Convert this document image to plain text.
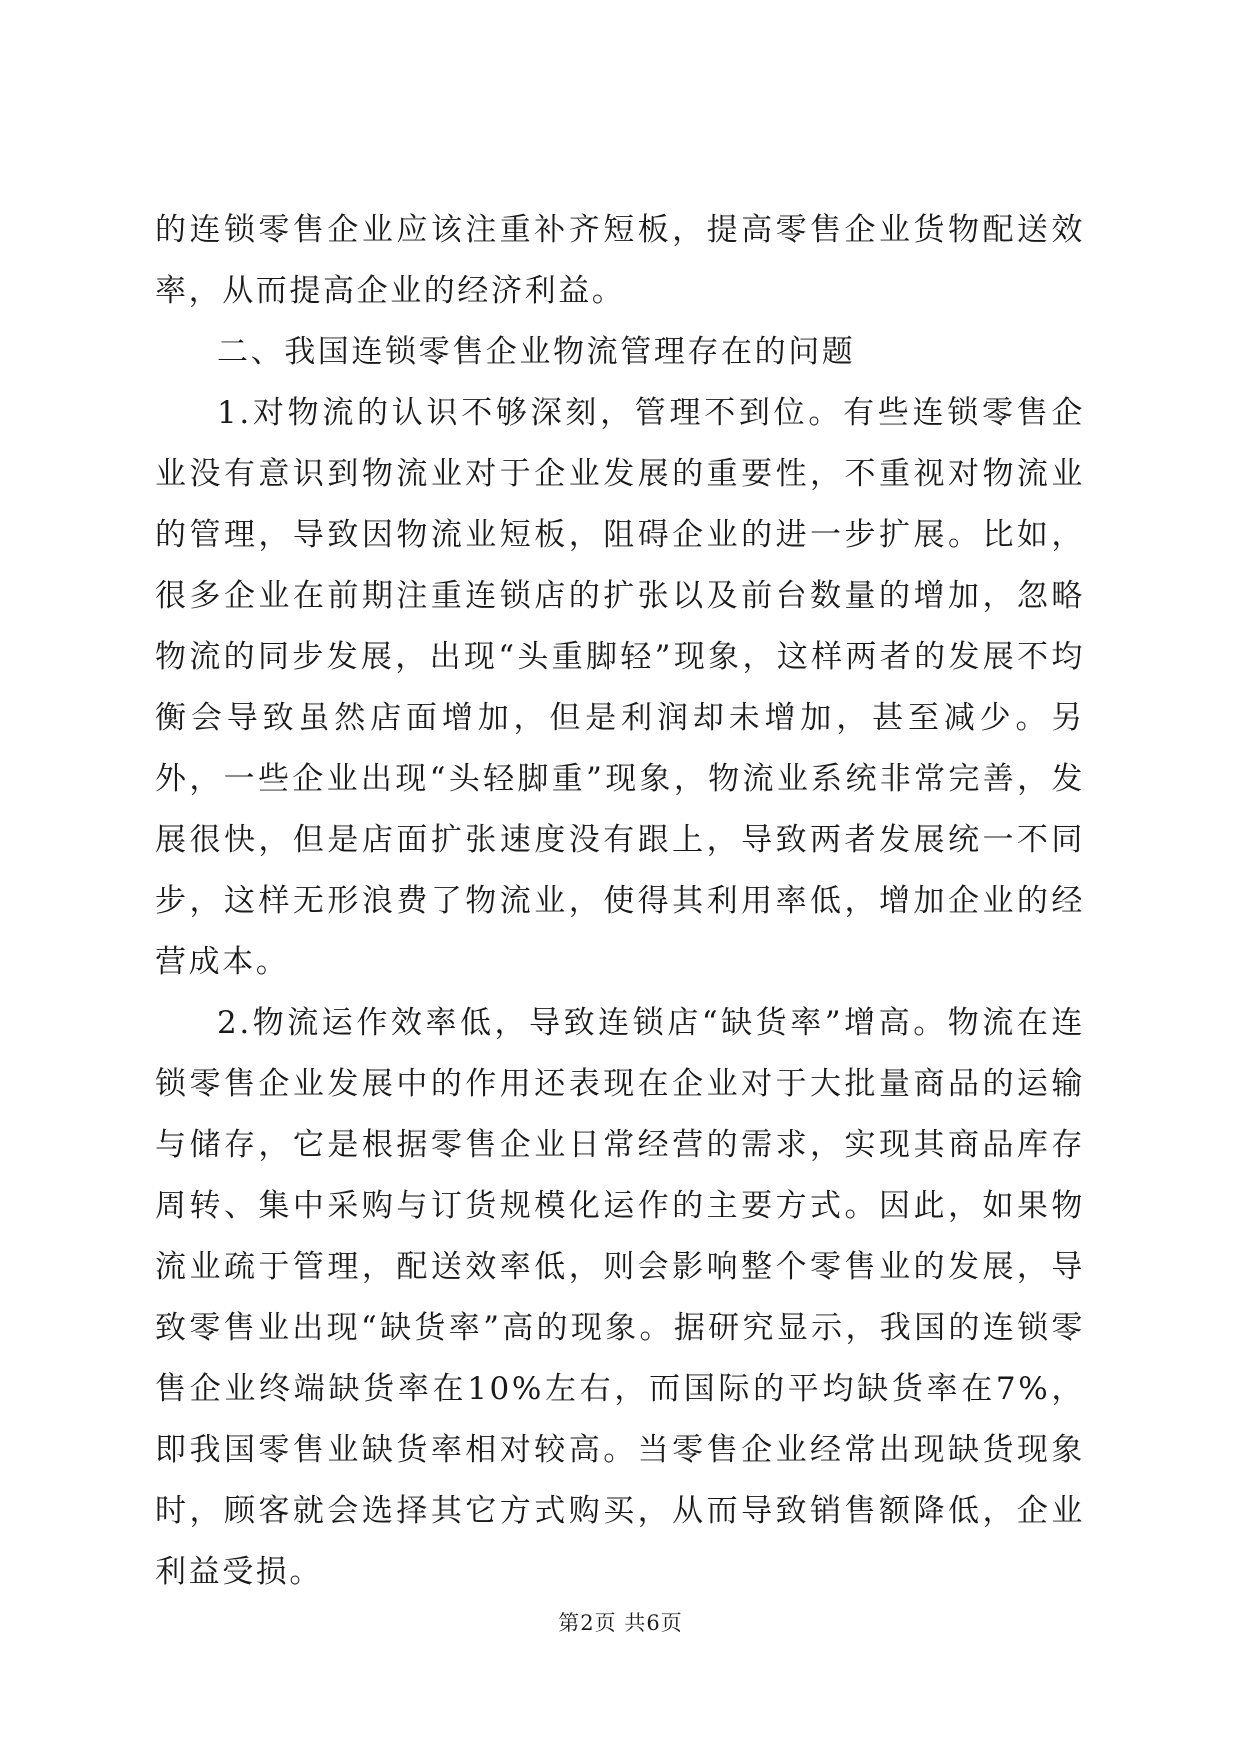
的连锁零售企业应该注重补齐短板，提高零售企业货物配送效率，从而提高企业的经济利益。

二、我国连锁零售企业物流管理存在的问题

1.对物流的认识不够深刻，管理不到位。有些连锁零售企业没有意识到物流业对于企业发展的重要性，不重视对物流业的管理，导致因物流业短板，阻碍企业的进一步扩展。比如，很多企业在前期注重连锁店的扩张以及前台数量的增加，忽略物流的同步发展，出现“头重脚轻”现象，这样两者的发展不均衡会导致虽然店面增加，但是利润却未增加，甚至减少。另外，一些企业出现“头轻脚重”现象，物流业系统非常完善，发展很快，但是店面扩张速度没有跟上，导致两者发展统一不同步，这样无形浪费了物流业，使得其利用率低，增加企业的经营成本。

2.物流运作效率低，导致连锁店“缺货率”增高。物流在连锁零售企业发展中的作用还表现在企业对于大批量商品的运输与储存，它是根据零售企业日常经营的需求，实现其商品库存周转、集中采购与订货规模化运作的主要方式。因此，如果物流业疏于管理，配送效率低，则会影响整个零售业的发展，导致零售业出现“缺货率”高的现象。据研究显示，我国的连锁零售企业终端缺货率在10%左右，而国际的平均缺货率在7%，即我国零售业缺货率相对较高。当零售企业经常出现缺货现象时，顾客就会选择其它方式购买，从而导致销售额降低，企业利益受损。

第2页 共6页
